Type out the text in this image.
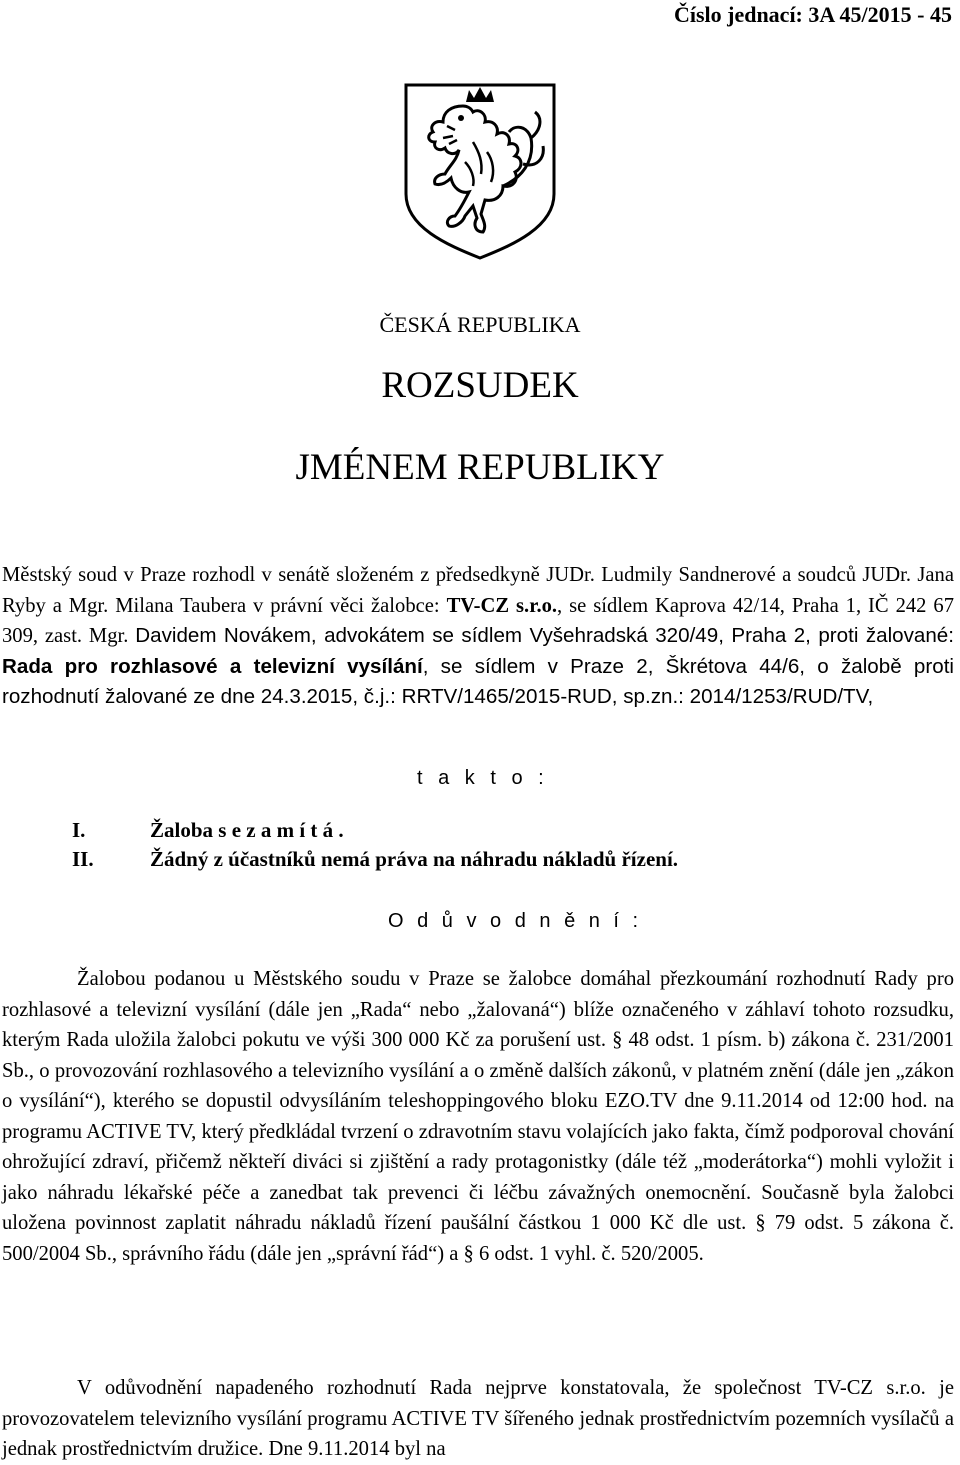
Číslo jednací: 3A 45/2015 - 45
ČESKÁ REPUBLIKA
ROZSUDEK
JMÉNEM REPUBLIKY
Městský soud v Praze rozhodl v senátě složeném z předsedkyně JUDr. Ludmily Sandnerové a soudců JUDr. Jana Ryby a Mgr. Milana Taubera v právní věci žalobce: TV-CZ s.r.o., se sídlem Kaprova 42/14, Praha 1, IČ 242 67 309, zast. Mgr. Davidem Novákem, advokátem se sídlem Vyšehradská 320/49, Praha 2, proti žalované: Rada pro rozhlasové a televizní vysílání, se sídlem v Praze 2, Škrétova 44/6, o žalobě proti rozhodnutí žalované ze dne 24.3.2015, č.j.: RRTV/1465/2015-RUD, sp.zn.: 2014/1253/RUD/TV,
t a k t o :
I.	Žaloba s e z a m í t á .
II.	Žádný z účastníků nemá práva na náhradu nákladů řízení.
O d ů v o d n ě n í :
Žalobou podanou u Městského soudu v Praze se žalobce domáhal přezkoumání rozhodnutí Rady pro rozhlasové a televizní vysílání (dále jen „Rada“ nebo „žalovaná“) blíže označeného v záhlaví tohoto rozsudku, kterým Rada uložila žalobci pokutu ve výši 300 000 Kč za porušení ust. § 48 odst. 1 písm. b) zákona č. 231/2001 Sb., o provozování rozhlasového a televizního vysílání a o změně dalších zákonů, v platném znění (dále jen „zákon o vysílání“), kterého se dopustil odvysíláním teleshoppingového bloku EZO.TV dne 9.11.2014 od 12:00 hod. na programu ACTIVE TV, který předkládal tvrzení o zdravotním stavu volajících jako fakta, čímž podporoval chování ohrožující zdraví, přičemž někteří diváci si zjištění a rady protagonistky (dále též „moderátorka“) mohli vyložit i jako náhradu lékařské péče a zanedbat tak prevenci či léčbu závažných onemocnění. Současně byla žalobci uložena povinnost zaplatit náhradu nákladů řízení paušální částkou 1 000 Kč dle ust. § 79 odst. 5 zákona č. 500/2004 Sb., správního řádu (dále jen „správní řád“) a § 6 odst. 1 vyhl. č. 520/2005.
V odůvodnění napadeného rozhodnutí Rada nejprve konstatovala, že společnost TV-CZ s.r.o. je provozovatelem televizního vysílání programu ACTIVE TV šířeného jednak prostřednictvím pozemních vysílačů a jednak prostřednictvím družice. Dne 9.11.2014 byl na
